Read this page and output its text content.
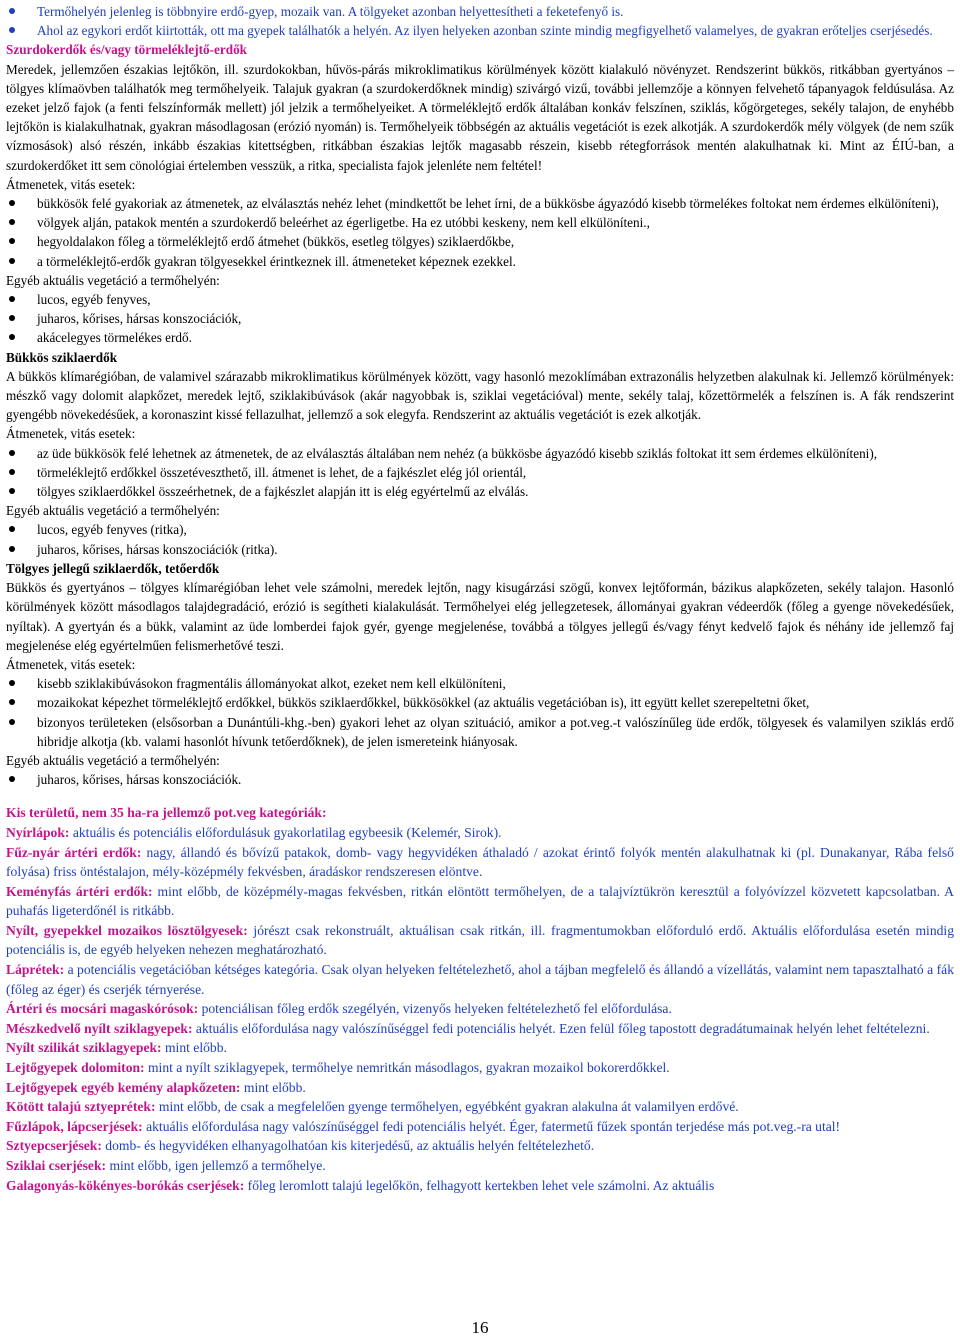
Termőhelyén jelenleg is többnyire erdő-gyep, mozaik van. A tölgyeket azonban helyettesítheti a feketefenyő is.
Ahol az egykori erdőt kiirtották, ott ma gyepek találhatók a helyén. Az ilyen helyeken azonban szinte mindig megfigyelhető valamelyes, de gyakran erőteljes cserjésedés.

Szurdokerdők és/vagy törmeléklejtő-erdők

Meredek, jellemzően északias lejtőkön, ill. szurdokokban, hűvös-párás mikroklimatikus körülmények között kialakuló növényzet. Rendszerint bükkös, ritkábban gyertyános – tölgyes klímaövben találhatók meg termőhelyeik. Talajuk gyakran (a szurdokerdőknek mindig) szivárgó vizű, további jellemzője a könnyen felvehető tápanyagok feldúsulása. Az ezeket jelző fajok (a fenti felszínformák mellett) jól jelzik a termőhelyeiket. A törmeléklejtő erdők általában konkáv felszínen, sziklás, kőgörgeteges, sekély talajon, de enyhébb lejtőkön is kialakulhatnak, gyakran másodlagosan (erózió nyomán) is. Termőhelyeik többségén az aktuális vegetációt is ezek alkotják. A szurdokerdők mély völgyek (de nem szűk vízmosások) alsó részén, inkább északias kitettségben, ritkábban északias lejtők magasabb részein, kisebb rétegforrások mentén alakulhatnak ki. Mint az ÉIÚ-ban, a szurdokerdőket itt sem cönológiai értelemben vesszük, a ritka, specialista fajok jelenléte nem feltétel!

Átmenetek, vitás esetek:

bükkösök felé gyakoriak az átmenetek, az elválasztás nehéz lehet (mindkettőt be lehet írni, de a bükkösbe ágyazódó kisebb törmelékes foltokat nem érdemes elkülöníteni),
völgyek alján, patakok mentén a szurdokerdő beleérhet az égerligetbe. Ha ez utóbbi keskeny, nem kell elkülöníteni.,
hegyoldalakon főleg a törmeléklejtő erdő átmehet (bükkös, esetleg tölgyes) sziklaerdőkbe,
a törmeléklejtő-erdők gyakran tölgyesekkel érintkeznek ill. átmeneteket képeznek ezekkel.

Egyéb aktuális vegetáció a termőhelyén:

lucos, egyéb fenyves,
juharos, kőrises, hársas konszociációk,
akácelegyes törmelékes erdő.

Bükkös sziklaerdők

A bükkös klímarégióban, de valamivel szárazabb mikroklimatikus körülmények között, vagy hasonló mezoklímában extrazonális helyzetben alakulnak ki. Jellemző körülmények: mészkő vagy dolomit alapkőzet, meredek lejtő, sziklakibúvások (akár nagyobbak is, sziklai vegetációval) mente, sekély talaj, kőzettörmelék a felszínen is. A fák rendszerint gyengébb növekedésűek, a koronaszint kissé fellazulhat, jellemző a sok elegyfa. Rendszerint az aktuális vegetációt is ezek alkotják.

Átmenetek, vitás esetek:

az üde bükkösök felé lehetnek az átmenetek, de az elválasztás általában nem nehéz (a bükkösbe ágyazódó kisebb sziklás foltokat itt sem érdemes elkülöníteni),
törmeléklejtő erdőkkel összetéveszthető, ill. átmenet is lehet, de a fajkészlet elég jól orientál,
tölgyes sziklaerdőkkel összeérhetnek, de a fajkészlet alapján itt is elég egyértelmű az elválás.

Egyéb aktuális vegetáció a termőhelyén:

lucos, egyéb fenyves (ritka),
juharos, kőrises, hársas konszociációk (ritka).

Tölgyes jellegű sziklaerdők, tetőerdők

Bükkös és gyertyános – tölgyes klímarégióban lehet vele számolni, meredek lejtőn, nagy kisugárzási szögű, konvex lejtőformán, bázikus alapkőzeten, sekély talajon. Hasonló körülmények között másodlagos talajdegradáció, erózió is segítheti kialakulását. Termőhelyei elég jellegzetesek, állományai gyakran védeerdők (főleg a gyenge növekedésűek, nyíltak). A gyertyán és a bükk, valamint az üde lomberdei fajok gyér, gyenge megjelenése, továbbá a tölgyes jellegű és/vagy fényt kedvelő fajok és néhány ide jellemző faj megjelenése elég egyértelműen felismerhetővé teszi.

Átmenetek, vitás esetek:

kisebb sziklakibúvásokon fragmentális állományokat alkot, ezeket nem kell elkülöníteni,
mozaikokat képezhet törmeléklejtő erdőkkel, bükkös sziklaerdőkkel, bükkösökkel (az aktuális vegetációban is), itt együtt kellet szerepeltetni őket,
bizonyos területeken (elsősorban a Dunántúli-khg.-ben) gyakori lehet az olyan szituáció, amikor a pot.veg.-t valószínűleg üde erdők, tölgyesek és valamilyen sziklás erdő hibridje alkotja (kb. valami hasonlót hívunk tetőerdőknek), de jelen ismereteink hiányosak.

Egyéb aktuális vegetáció a termőhelyén:

juharos, kőrises, hársas konszociációk.

Kis területű, nem 35 ha-ra jellemző pot.veg kategóriák:

Nyírlápok: aktuális és potenciális előfordulásuk gyakorlatilag egybeesik (Kelemér, Sirok).

Fűz-nyár ártéri erdők: nagy, állandó és bővízű patakok, domb- vagy hegyvidéken áthaladó / azokat érintő folyók mentén alakulhatnak ki (pl. Dunakanyar, Rába felső folyása) friss öntéstalajon, mély-középmély fekvésben, áradáskor rendszeresen elöntve.

Keményfás ártéri erdők: mint előbb, de középmély-magas fekvésben, ritkán elöntött termőhelyen, de a talajvíztükrön keresztül a folyóvízzel közvetett kapcsolatban. A puhafás ligeterdőnél is ritkább.

Nyílt, gyepekkel mozaikos lösztölgyesek: jórészt csak rekonstruált, aktuálisan csak ritkán, ill. fragmentumokban előforduló erdő. Aktuális előfordulása esetén mindig potenciális is, de egyéb helyeken nehezen meghatározható.

Láprétek: a potenciális vegetációban kétséges kategória. Csak olyan helyeken feltételezhető, ahol a tájban megfelelő és állandó a vízellátás, valamint nem tapasztalható a fák (főleg az éger) és cserjék térnyerése.

Ártéri és mocsári magaskórósok: potenciálisan főleg erdők szegélyén, vizenyős helyeken feltételezhető fel előfordulása.

Mészkedvelő nyílt sziklagyepek: aktuális előfordulása nagy valószínűséggel fedi potenciális helyét. Ezen felül főleg tapostott degradátumainak helyén lehet feltételezni.

Nyílt szilikát sziklagyepek: mint előbb.

Lejtőgyepek dolomiton: mint a nyílt sziklagyepek, termőhelye nemritkán másodlagos, gyakran mozaikol bokorerdőkkel.

Lejtőgyepek egyéb kemény alapkőzeten: mint előbb.

Kötött talajú sztyeprétek: mint előbb, de csak a megfelelően gyenge termőhelyen, egyébként gyakran alakulna át valamilyen erdővé.

Fűzlápok, lápcserjések: aktuális előfordulása nagy valószínűséggel fedi potenciális helyét. Éger, fatermetű fűzek spontán terjedése más pot.veg.-ra utal!

Sztyepcserjések: domb- és hegyvidéken elhanyagolhatóan kis kiterjedésű, az aktuális helyén feltételezhető.

Sziklai cserjések: mint előbb, igen jellemző a termőhelye.

Galagonyás-kökényes-borókás cserjések: főleg leromlott talajú legelőkön, felhagyott kertekben lehet vele számolni. Az aktuális

16
